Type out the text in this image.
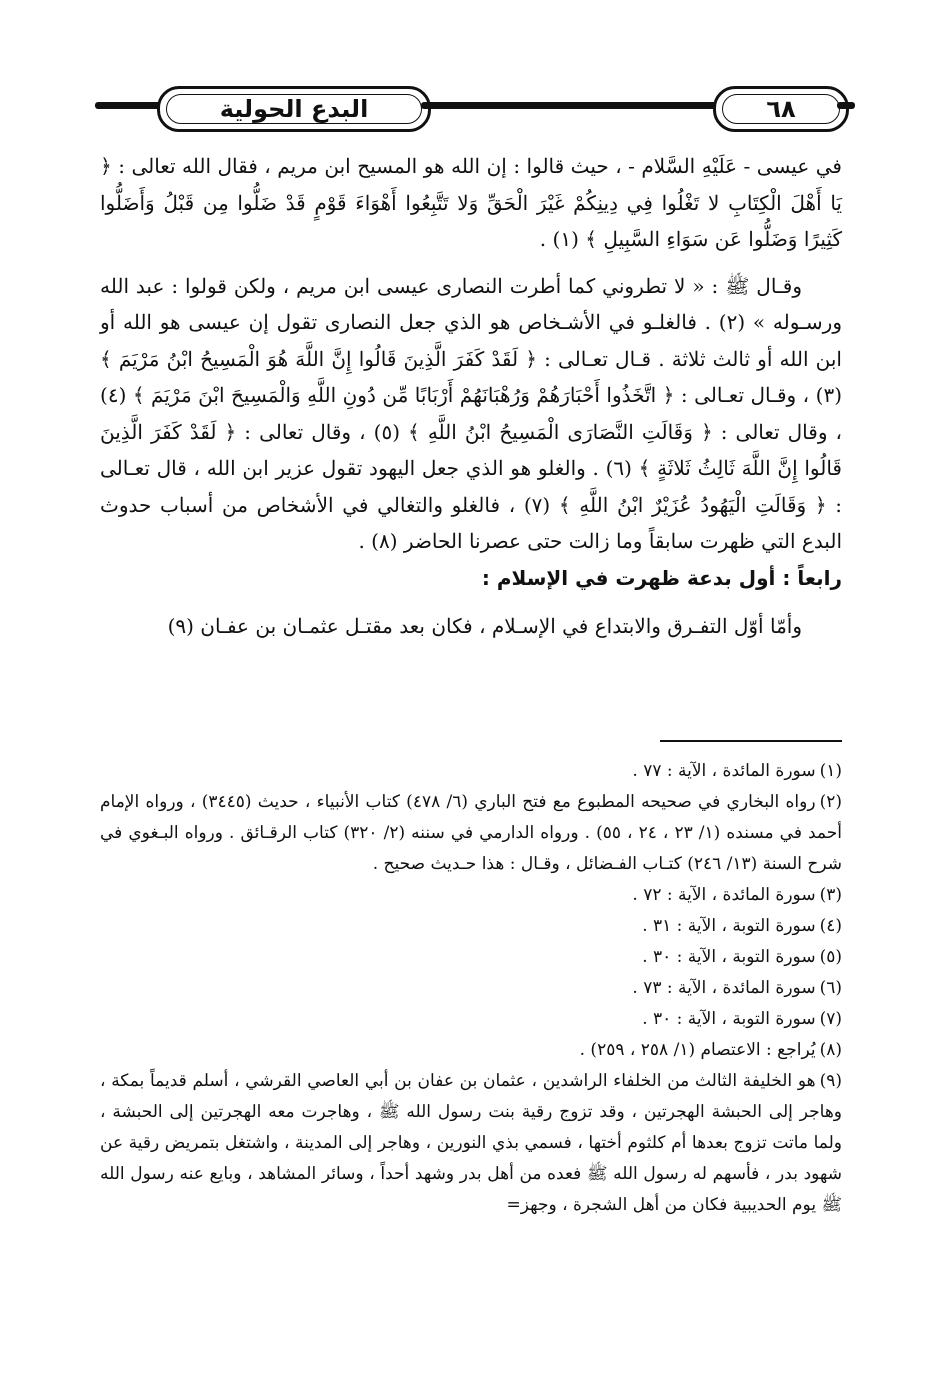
البدع الحولية	٦٨

في عيسى - عَلَيْهِ السَّلام - ، حيث قالوا : إن الله هو المسيح ابن مريم ، فقال الله تعالى : ﴿ يَا أَهْلَ الْكِتَابِ لا تَغْلُوا فِي دِينِكُمْ غَيْرَ الْحَقِّ وَلا تَتَّبِعُوا أَهْوَاءَ قَوْمٍ قَدْ ضَلُّوا مِن قَبْلُ وَأَضَلُّوا كَثِيرًا وَضَلُّوا عَن سَوَاءِ السَّبِيلِ ﴾ (١) .

وقـال ﷺ : « لا تطروني كما أطرت النصارى عيسى ابن مريم ، ولكن قولوا : عبد الله ورسـوله » (٢) . فالغلـو في الأشـخاص هو الذي جعل النصارى تقول إن عيسى هو الله أو ابن الله أو ثالث ثلاثة . قـال تعـالى : ﴿ لَقَدْ كَفَرَ الَّذِينَ قَالُوا إِنَّ اللَّهَ هُوَ الْمَسِيحُ ابْنُ مَرْيَمَ ﴾ (٣) ، وقـال تعـالى : ﴿ اتَّخَذُوا أَحْبَارَهُمْ وَرُهْبَانَهُمْ أَرْبَابًا مِّن دُونِ اللَّهِ وَالْمَسِيحَ ابْنَ مَرْيَمَ ﴾ (٤) ، وقال تعالى : ﴿ وَقَالَتِ النَّصَارَى الْمَسِيحُ ابْنُ اللَّهِ ﴾ (٥) ، وقال تعالى : ﴿ لَقَدْ كَفَرَ الَّذِينَ قَالُوا إِنَّ اللَّهَ ثَالِثُ ثَلاثَةٍ ﴾ (٦) . والغلو هو الذي جعل اليهود تقول عزير ابن الله ، قال تعـالى : ﴿ وَقَالَتِ الْيَهُودُ عُزَيْرٌ ابْنُ اللَّهِ ﴾ (٧) ، فالغلو والتغالي في الأشخاص من أسباب حدوث البدع التي ظهرت سابقاً وما زالت حتى عصرنا الحاضر (٨) .

رابعاً : أول بدعة ظهرت في الإسلام :

وأمّا أوّل التفـرق والابتداع في الإسـلام ، فكان بعد مقتـل عثمـان بن عفـان (٩)

(١)سورة المائدة ، الآية : ٧٧ .

(٢)رواه البخاري في صحيحه المطبوع مع فتح الباري (٦/ ٤٧٨) كتاب الأنبياء ، حديث (٣٤٤٥) ، ورواه الإمام أحمد في مسنده (١/ ٢٣ ، ٢٤ ، ٥٥) . ورواه الدارمي في سننه (٢/ ٣٢٠) كتاب الرقـائق . ورواه البـغوي في شرح السنة (١٣/ ٢٤٦) كتـاب الفـضائل ، وقـال : هذا حـديث صحيح .

(٣)سورة المائدة ، الآية : ٧٢ .

(٤)سورة التوبة ، الآية : ٣١ .

(٥)سورة التوبة ، الآية : ٣٠ .

(٦)سورة المائدة ، الآية : ٧٣ .

(٧)سورة التوبة ، الآية : ٣٠ .

(٨)يُراجع : الاعتصام (١/ ٢٥٨ ، ٢٥٩) .

(٩)هو الخليفة الثالث من الخلفاء الراشدين ، عثمان بن عفان بن أبي العاصي القرشي ، أسلم قديماً بمكة ، وهاجر إلى الحبشة الهجرتين ، وقد تزوج رقية بنت رسول الله ﷺ ، وهاجرت معه الهجرتين إلى الحبشة ، ولما ماتت تزوج بعدها أم كلثوم أختها ، فسمي بذي النورين ، وهاجر إلى المدينة ، واشتغل بتمريض رقية عن شهود بدر ، فأسهم له رسول الله ﷺ فعده من أهل بدر وشهد أحداً ، وسائر المشاهد ، وبايع عنه رسول الله ﷺ يوم الحديبية فكان من أهل الشجرة ، وجهز=
